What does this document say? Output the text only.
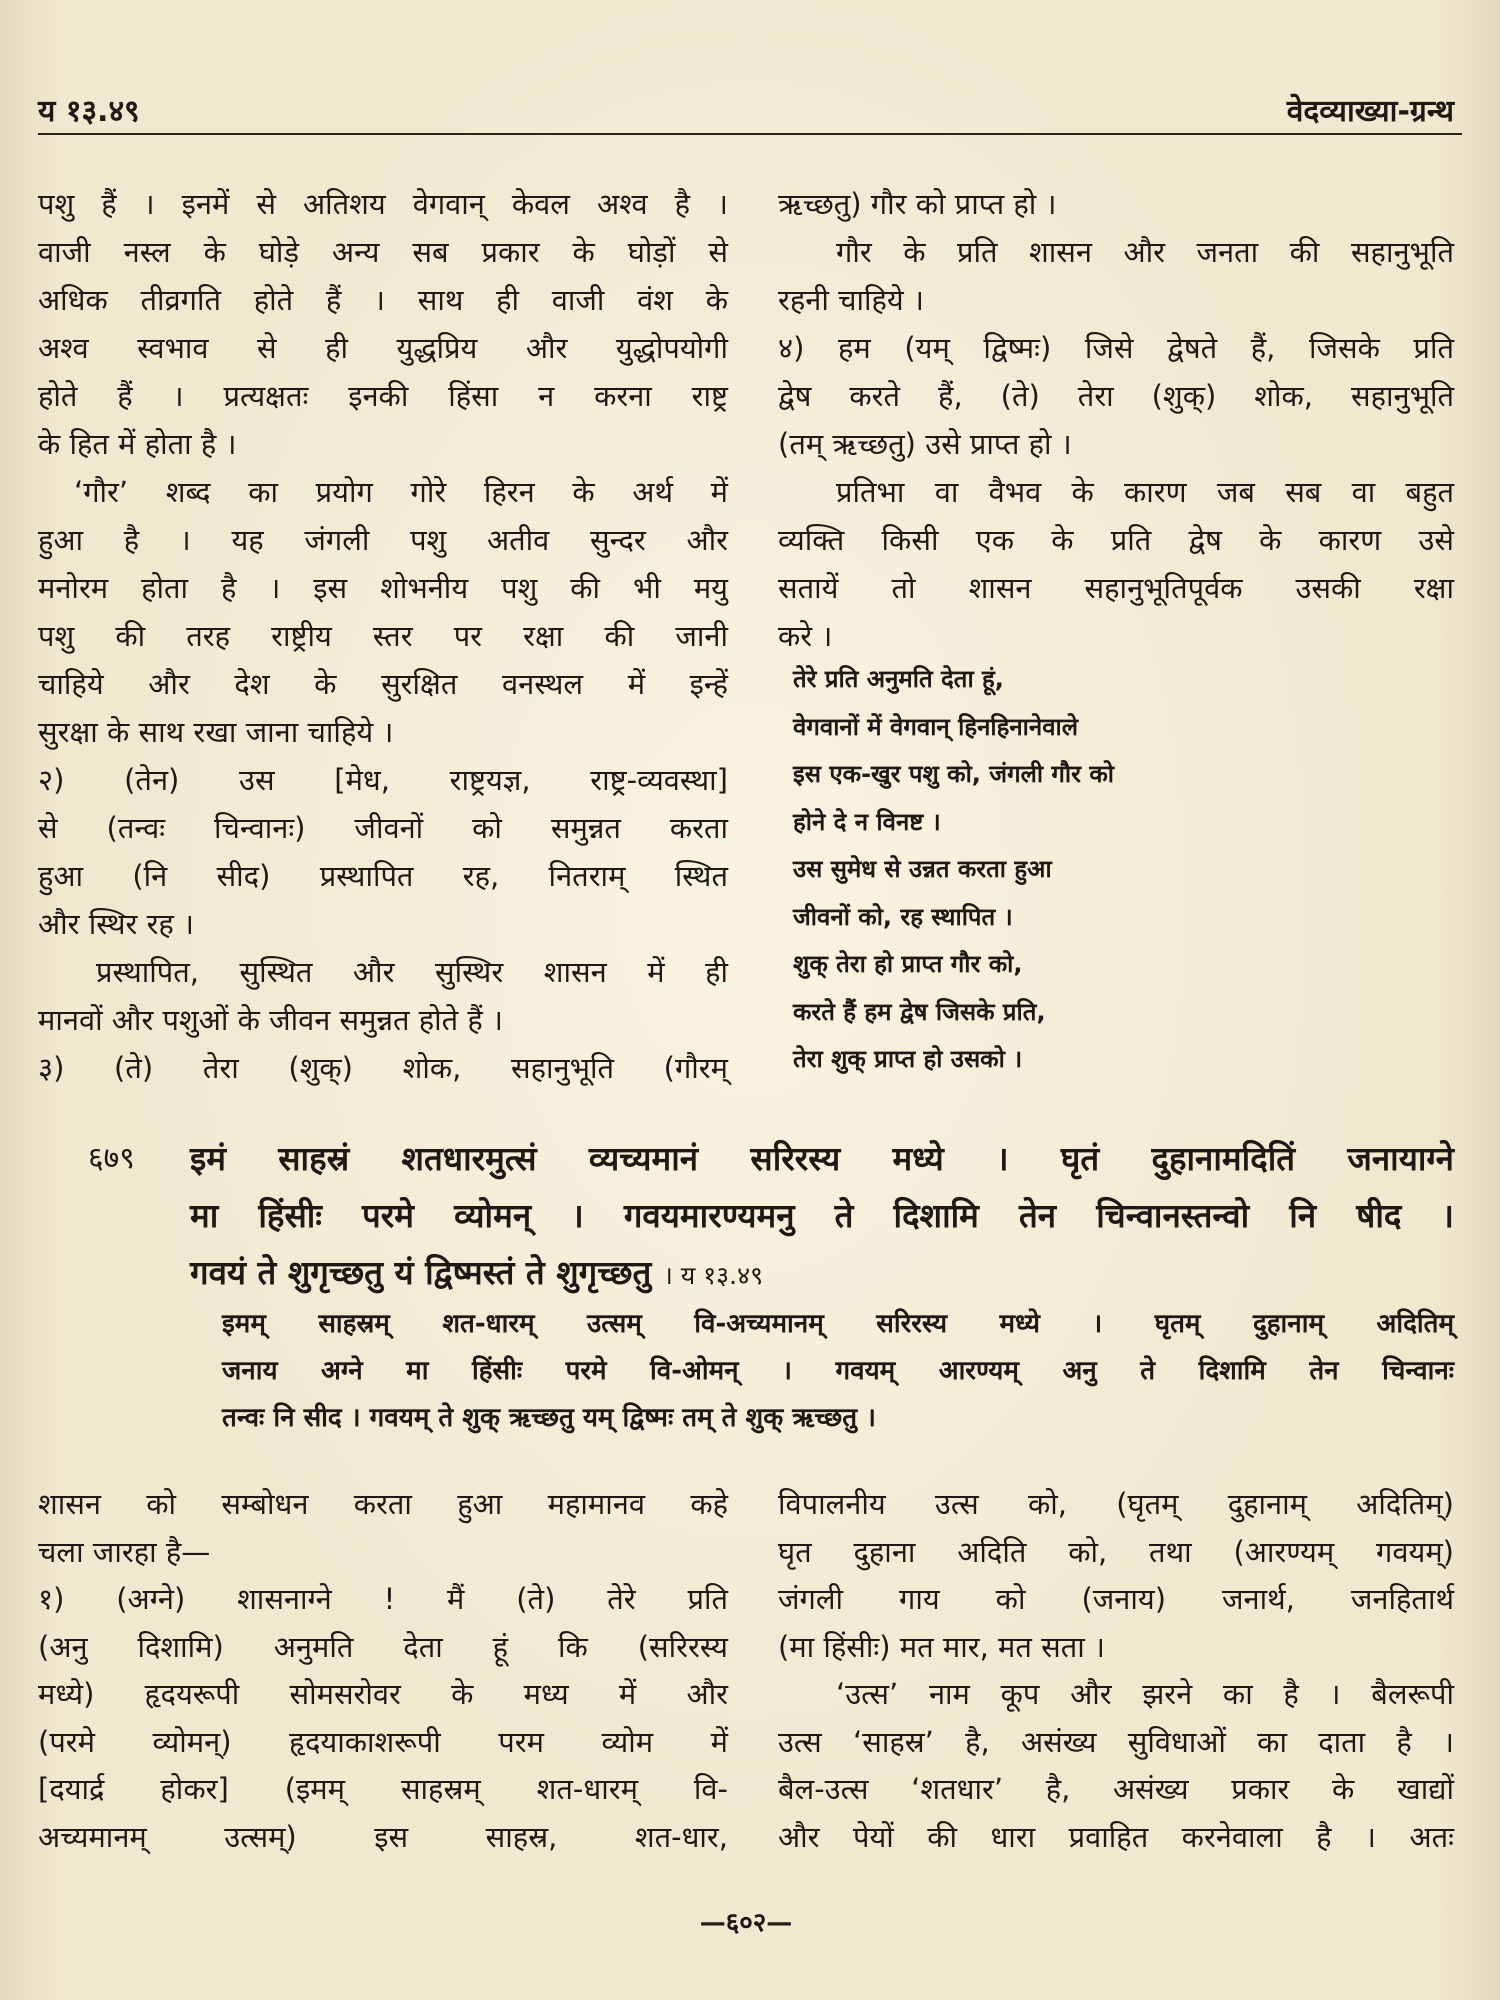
य १३.४९	वेदव्याख्या-ग्रन्थ
पशु हैं । इनमें से अतिशय वेगवान् केवल अश्व है ।
वाजी नस्ल के घोड़े अन्य सब प्रकार के घोड़ों से
अधिक तीव्रगति होते हैं । साथ ही वाजी वंश के
अश्व स्वभाव से ही युद्धप्रिय और युद्धोपयोगी
होते हैं । प्रत्यक्षतः इनकी हिंसा न करना राष्ट्र
के हित में होता है ।
‘गौर’ शब्द का प्रयोग गोरे हिरन के अर्थ में
हुआ है । यह जंगली पशु अतीव सुन्दर और
मनोरम होता है । इस शोभनीय पशु की भी मयु
पशु की तरह राष्ट्रीय स्तर पर रक्षा की जानी
चाहिये और देश के सुरक्षित वनस्थल में इन्हें
सुरक्षा के साथ रखा जाना चाहिये ।
२) (तेन) उस [मेध, राष्ट्रयज्ञ, राष्ट्र-व्यवस्था]
से (तन्वः चिन्वानः) जीवनों को समुन्नत करता
हुआ (नि सीद) प्रस्थापित रह, नितराम् स्थित
और स्थिर रह ।
प्रस्थापित, सुस्थित और सुस्थिर शासन में ही
मानवों और पशुओं के जीवन समुन्नत होते हैं ।
३) (ते) तेरा (शुक्) शोक, सहानुभूति (गौरम्
ऋच्छतु) गौर को प्राप्त हो ।
गौर के प्रति शासन और जनता की सहानुभूति
रहनी चाहिये ।
४) हम (यम् द्विष्मः) जिसे द्वेषते हैं, जिसके प्रति
द्वेष करते हैं, (ते) तेरा (शुक्) शोक, सहानुभूति
(तम् ऋच्छतु) उसे प्राप्त हो ।
प्रतिभा वा वैभव के कारण जब सब वा बहुत
व्यक्ति किसी एक के प्रति द्वेष के कारण उसे
सतायें तो शासन सहानुभूतिपूर्वक उसकी रक्षा
करे ।
तेरे प्रति अनुमति देता हूं,
वेगवानों में वेगवान् हिनहिनानेवाले
इस एक-खुर पशु को, जंगली गौर को
होने दे न विनष्ट ।
उस सुमेध से उन्नत करता हुआ
जीवनों को, रह स्थापित ।
शुक् तेरा हो प्राप्त गौर को,
करते हैं हम द्वेष जिसके प्रति,
तेरा शुक् प्राप्त हो उसको ।
६७९ इमं साहस्रं शतधारमुत्सं व्यच्यमानं सरिरस्य मध्ये । घृतं दुहानामदितिं जनायाग्ने
मा हिंसीः परमे व्योमन् । गवयमारण्यमनु ते दिशामि तेन चिन्वानस्तन्वो नि षीद ।
गवयं ते शुगृच्छतु यं द्विष्मस्तं ते शुगृच्छतु । य १३.४९
इमम् साहस्रम् शत-धारम् उत्सम् वि-अच्यमानम् सरिरस्य मध्ये । घृतम् दुहानाम् अदितिम्
जनाय अग्ने मा हिंसीः परमे वि-ओमन् । गवयम् आरण्यम् अनु ते दिशामि तेन चिन्वानः
तन्वः नि सीद । गवयम् ते शुक् ऋच्छतु यम् द्विष्मः तम् ते शुक् ऋच्छतु ।
शासन को सम्बोधन करता हुआ महामानव कहे
चला जारहा है—
१) (अग्ने) शासनाग्ने ! मैं (ते) तेरे प्रति
(अनु दिशामि) अनुमति देता हूं कि (सरिरस्य
मध्ये) हृदयरूपी सोमसरोवर के मध्य में और
(परमे व्योमन्) हृदयाकाशरूपी परम व्योम में
[दयार्द्र होकर] (इमम् साहस्रम् शत-धारम् वि-
अच्यमानम् उत्सम्) इस साहस्र, शत-धार,
विपालनीय उत्स को, (घृतम् दुहानाम् अदितिम्)
घृत दुहाना अदिति को, तथा (आरण्यम् गवयम्)
जंगली गाय को (जनाय) जनार्थ, जनहितार्थ
(मा हिंसीः) मत मार, मत सता ।
‘उत्स’ नाम कूप और झरने का है । बैलरूपी
उत्स ‘साहस्र’ है, असंख्य सुविधाओं का दाता है ।
बैल-उत्स ‘शतधार’ है, असंख्य प्रकार के खाद्यों
और पेयों की धारा प्रवाहित करनेवाला है । अतः
—६०२—
